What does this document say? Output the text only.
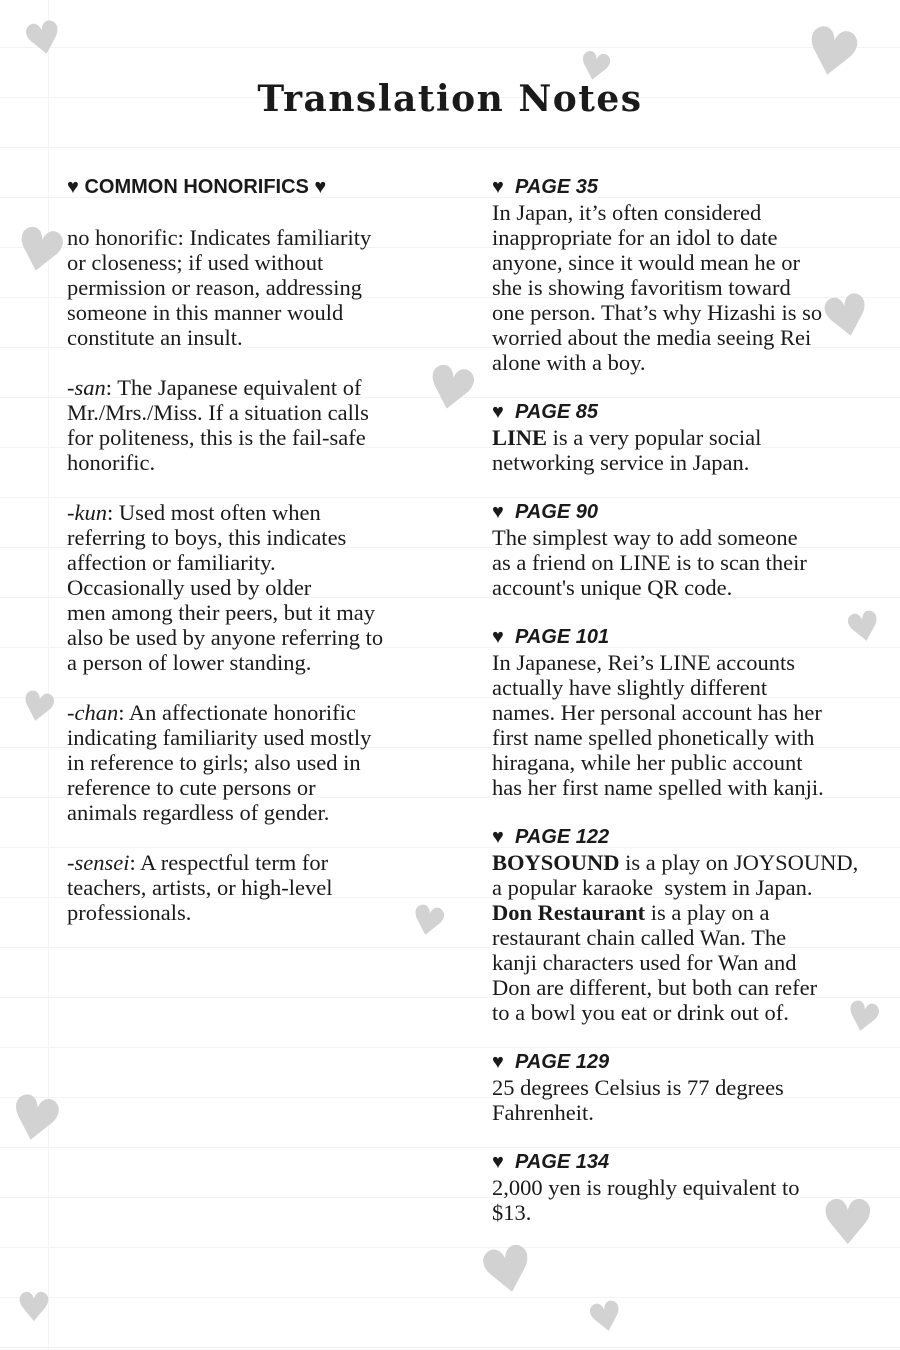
♥	♥
♥
♥
♥
♥
♥
♥
♥
♥
♥
♥
♥
♥	♥
Translation Notes
♥ COMMON HONORIFICS ♥
no honorific: Indicates familiarity
or closeness; if used without
permission or reason, addressing
someone in this manner would
constitute an insult.
-san: The Japanese equivalent of
Mr./Mrs./Miss. If a situation calls
for politeness, this is the fail-safe
honorific.
-kun: Used most often when
referring to boys, this indicates
affection or familiarity.
Occasionally used by older
men among their peers, but it may
also be used by anyone referring to
a person of lower standing.
-chan: An affectionate honorific
indicating familiarity used mostly
in reference to girls; also used in
reference to cute persons or
animals regardless of gender.
-sensei: A respectful term for
teachers, artists, or high-level
professionals.
♥  PAGE 35
In Japan, it’s often considered
inappropriate for an idol to date
anyone, since it would mean he or
she is showing favoritism toward
one person. That’s why Hizashi is so
worried about the media seeing Rei
alone with a boy.
♥  PAGE 85
LINE is a very popular social
networking service in Japan.
♥  PAGE 90
The simplest way to add someone
as a friend on LINE is to scan their
account's unique QR code.
♥  PAGE 101
In Japanese, Rei’s LINE accounts
actually have slightly different
names. Her personal account has her
first name spelled phonetically with
hiragana, while her public account
has her first name spelled with kanji.
♥  PAGE 122
BOYSOUND is a play on JOYSOUND,
a popular karaoke  system in Japan.
Don Restaurant is a play on a
restaurant chain called Wan. The
kanji characters used for Wan and
Don are different, but both can refer
to a bowl you eat or drink out of.
♥  PAGE 129
25 degrees Celsius is 77 degrees
Fahrenheit.
♥  PAGE 134
2,000 yen is roughly equivalent to
$13.
